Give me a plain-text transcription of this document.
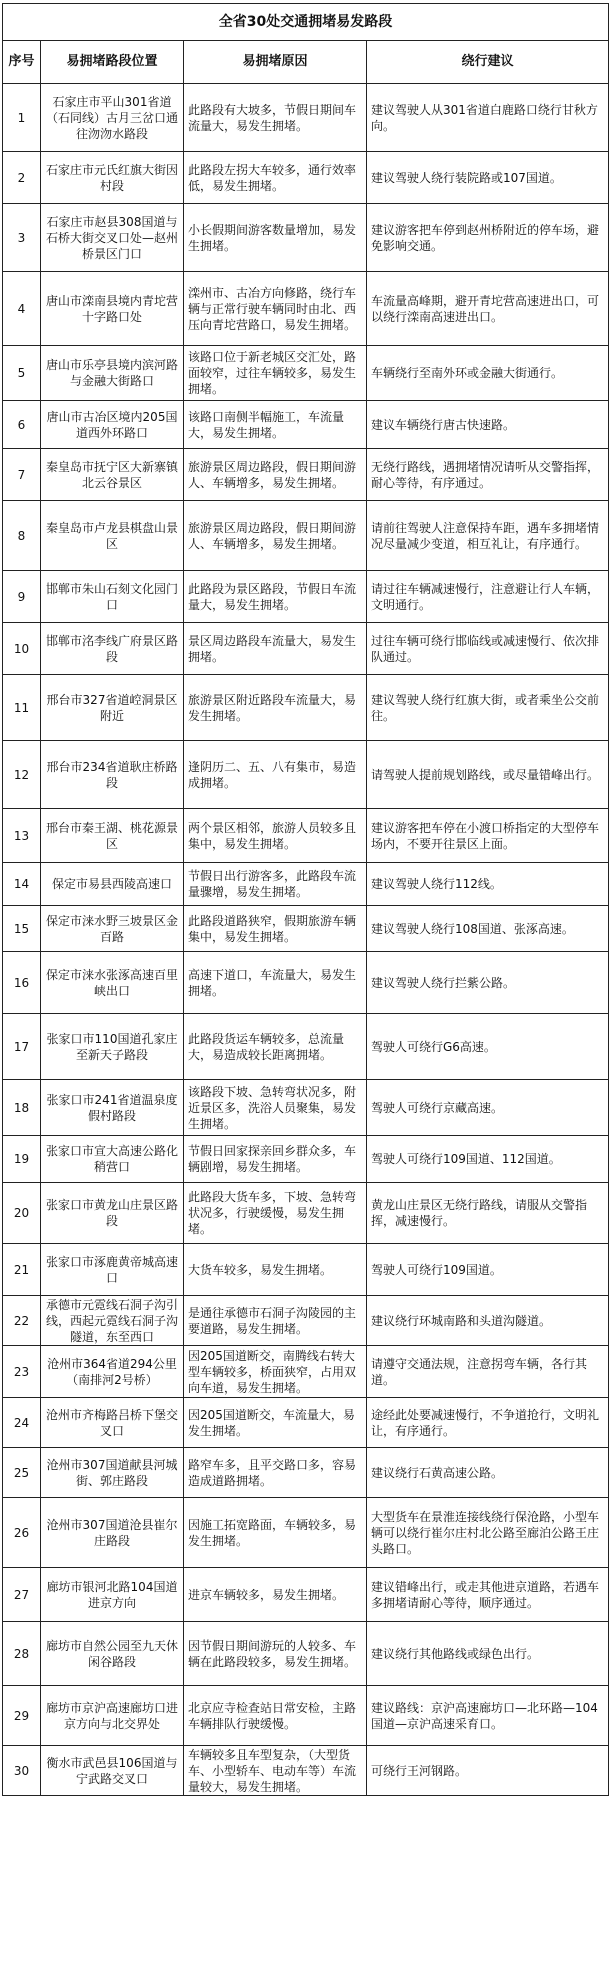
全省30处交通拥堵易发路段			
序号	易拥堵路段位置	易拥堵原因	绕行建议
1	石家庄市平山301省道（石同线）古月三岔口通往沕沕水路段	此路段有大坡多，节假日期间车流量大，易发生拥堵。	建议驾驶人从301省道白鹿路口绕行甘秋方向。
2	石家庄市元氏红旗大街因村段	此路段左拐大车较多，通行效率低，易发生拥堵。	建议驾驶人绕行装院路或107国道。
3	石家庄市赵县308国道与石桥大街交叉口处—赵州桥景区门口	小长假期间游客数量增加，易发生拥堵。	建议游客把车停到赵州桥附近的停车场，避免影响交通。
4	唐山市滦南县境内青坨营十字路口处	滦州市、古冶方向修路，绕行车辆与正常行驶车辆同时由北、西压向青坨营路口，易发生拥堵。	车流量高峰期，避开青坨营高速进出口，可以绕行滦南高速进出口。
5	唐山市乐亭县境内滨河路与金融大街路口	该路口位于新老城区交汇处，路面较窄，过往车辆较多，易发生拥堵。	车辆绕行至南外环或金融大街通行。
6	唐山市古冶区境内205国道西外环路口	该路口南侧半幅施工，车流量大，易发生拥堵。	建议车辆绕行唐古快速路。
7	秦皇岛市抚宁区大新寨镇北云谷景区	旅游景区周边路段，假日期间游人、车辆增多，易发生拥堵。	无绕行路线，遇拥堵情况请听从交警指挥，耐心等待，有序通过。
8	秦皇岛市卢龙县棋盘山景区	旅游景区周边路段，假日期间游人、车辆增多，易发生拥堵。	请前往驾驶人注意保持车距，遇车多拥堵情况尽量减少变道，相互礼让，有序通行。
9	邯郸市朱山石刻文化园门口	此路段为景区路段，节假日车流量大，易发生拥堵。	请过往车辆减速慢行，注意避让行人车辆，文明通行。
10	邯郸市洺李线广府景区路段	景区周边路段车流量大，易发生拥堵。	过往车辆可绕行邯临线或减速慢行、依次排队通过。
11	邢台市327省道崆洞景区附近	旅游景区附近路段车流量大，易发生拥堵。	建议驾驶人绕行红旗大街，或者乘坐公交前往。
12	邢台市234省道耿庄桥路段	逢阴历二、五、八有集市，易造成拥堵。	请驾驶人提前规划路线，或尽量错峰出行。
13	邢台市秦王湖、桃花源景区	两个景区相邻，旅游人员较多且集中，易发生拥堵。	建议游客把车停在小渡口桥指定的大型停车场内，不要开往景区上面。
14	保定市易县西陵高速口	节假日出行游客多，此路段车流量骤增，易发生拥堵。	建议驾驶人绕行112线。
15	保定市涞水野三坡景区金百路	此路段道路狭窄，假期旅游车辆集中，易发生拥堵。	建议驾驶人绕行108国道、张涿高速。
16	保定市涞水张涿高速百里峡出口	高速下道口，车流量大，易发生拥堵。	建议驾驶人绕行拦紫公路。
17	张家口市110国道孔家庄至新天子路段	此路段货运车辆较多，总流量大，易造成较长距离拥堵。	驾驶人可绕行G6高速。
18	张家口市241省道温泉度假村路段	该路段下坡、急转弯状况多，附近景区多，洗浴人员聚集，易发生拥堵。	驾驶人可绕行京藏高速。
19	张家口市宣大高速公路化稍营口	节假日回家探亲回乡群众多，车辆剧增，易发生拥堵。	驾驶人可绕行109国道、112国道。
20	张家口市黄龙山庄景区路段	此路段大货车多，下坡、急转弯状况多，行驶缓慢，易发生拥堵。	黄龙山庄景区无绕行路线，请服从交警指挥，减速慢行。
21	张家口市涿鹿黄帝城高速口	大货车较多，易发生拥堵。	驾驶人可绕行109国道。
22	承德市元霓线石洞子沟引线，西起元霓线石洞子沟隧道，东至西口	是通往承德市石洞子沟陵园的主要道路，易发生拥堵。	建议绕行环城南路和头道沟隧道。
23	沧州市364省道294公里（南排河2号桥）	因205国道断交，南腾线右转大型车辆较多，桥面狭窄，占用双向车道，易发生拥堵。	请遵守交通法规，注意拐弯车辆，各行其道。
24	沧州市齐梅路吕桥下堡交叉口	因205国道断交，车流量大，易发生拥堵。	途经此处要减速慢行，不争道抢行，文明礼让，有序通行。
25	沧州市307国道献县河城街、郭庄路段	路窄车多，且平交路口多，容易造成道路拥堵。	建议绕行石黄高速公路。
26	沧州市307国道沧县崔尔庄路段	因施工拓宽路面，车辆较多，易发生拥堵。	大型货车在景淮连接线绕行保沧路，小型车辆可以绕行崔尔庄村北公路至廊泊公路王庄头路口。
27	廊坊市银河北路104国道进京方向	进京车辆较多，易发生拥堵。	建议错峰出行，或走其他进京道路，若遇车多拥堵请耐心等待，顺序通过。
28	廊坊市自然公园至九天休闲谷路段	因节假日期间游玩的人较多、车辆在此路段较多，易发生拥堵。	建议绕行其他路线或绿色出行。
29	廊坊市京沪高速廊坊口进京方向与北交界处	北京应寺检查站日常安检，主路车辆排队行驶缓慢。	建议路线：京沪高速廊坊口—北环路—104国道—京沪高速采育口。
30	衡水市武邑县106国道与宁武路交叉口	车辆较多且车型复杂，（大型货车、小型轿车、电动车等）车流量较大，易发生拥堵。	可绕行王河钢路。
